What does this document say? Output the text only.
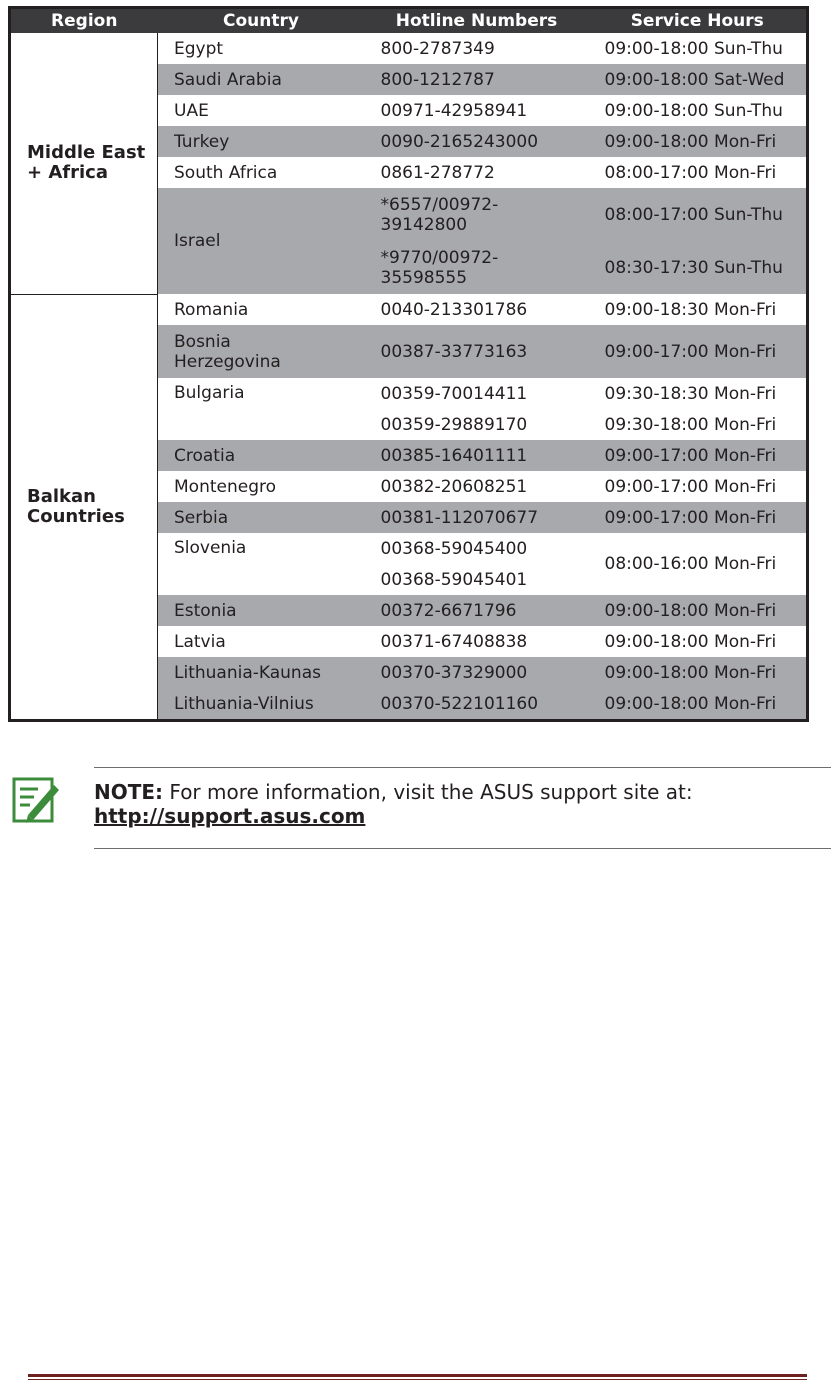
Region	Country	Hotline Numbers	Service Hours
Middle East
+ Africa	Egypt	800-2787349	09:00-18:00 Sun-Thu
	Saudi Arabia	800-1212787	09:00-18:00 Sat-Wed
	UAE	00971-42958941	09:00-18:00 Sun-Thu
	Turkey	0090-2165243000	09:00-18:00 Mon-Fri
	South Africa	0861-278772	08:00-17:00 Mon-Fri
	Israel	*6557/00972-
39142800	08:00-17:00 Sun-Thu
		*9770/00972-
35598555	08:30-17:30 Sun-Thu
Balkan
Countries	Romania	0040-213301786	09:00-18:30 Mon-Fri
	Bosnia
Herzegovina	00387-33773163	09:00-17:00 Mon-Fri
	Bulgaria	00359-70014411	09:30-18:30 Mon-Fri
		00359-29889170	09:30-18:00 Mon-Fri
	Croatia	00385-16401111	09:00-17:00 Mon-Fri
	Montenegro	00382-20608251	09:00-17:00 Mon-Fri
	Serbia	00381-112070677	09:00-17:00 Mon-Fri
	Slovenia	00368-59045400	08:00-16:00 Mon-Fri
		00368-59045401	
	Estonia	00372-6671796	09:00-18:00 Mon-Fri
	Latvia	00371-67408838	09:00-18:00 Mon-Fri
	Lithuania-Kaunas	00370-37329000	09:00-18:00 Mon-Fri
	Lithuania-Vilnius	00370-522101160	09:00-18:00 Mon-Fri
NOTE: For more information, visit the ASUS support site at:
http://support.asus.com
